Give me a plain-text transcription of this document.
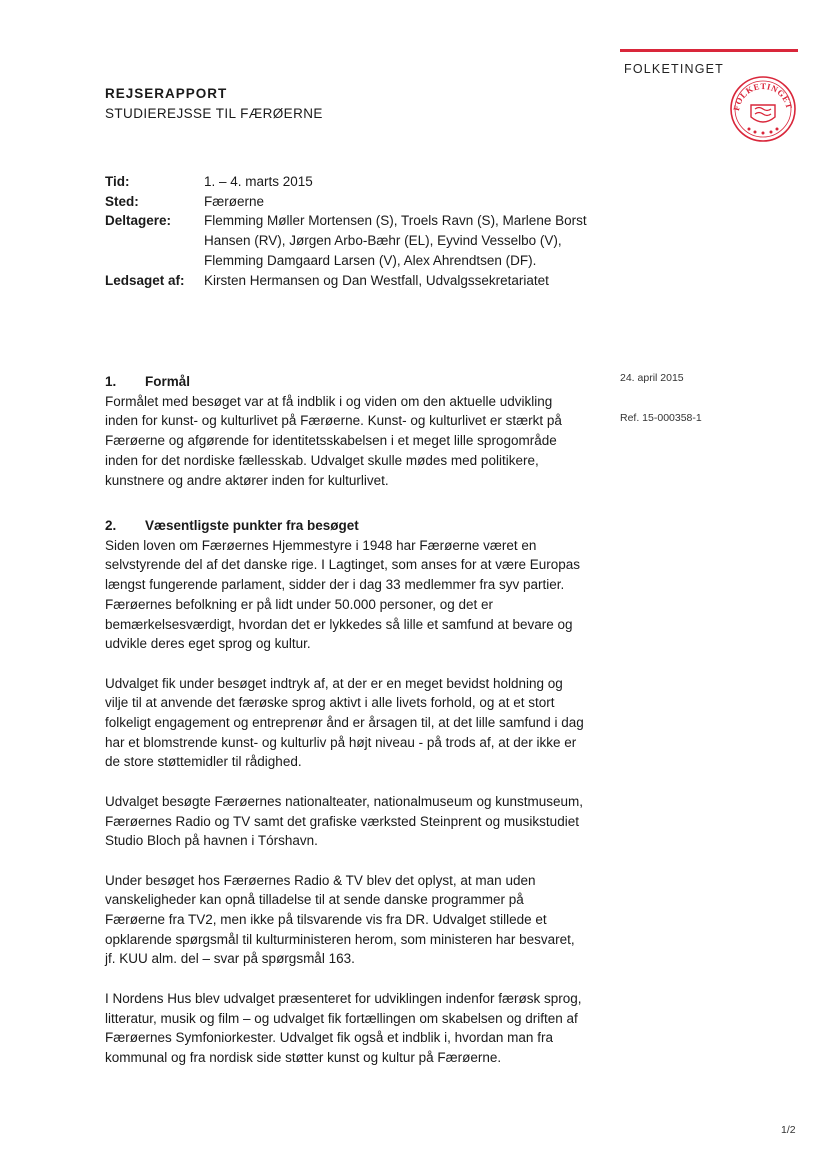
FOLKETINGET
FOLKETINGET
REJSERAPPORT
STUDIEREJSSE TIL FÆRØERNE
Tid:	1. – 4. marts 2015
Sted:	Færøerne
Deltagere:	Flemming Møller Mortensen (S), Troels Ravn (S), Marlene Borst Hansen (RV), Jørgen Arbo-Bæhr (EL), Eyvind Vesselbo (V), Flemming Damgaard Larsen (V), Alex Ahrendtsen (DF).
Ledsaget af:	Kirsten Hermansen og Dan Westfall, Udvalgssekretariatet
24. april 2015
Ref. 15-000358-1
1.	Formål

Formålet med besøget var at få indblik i og viden om den aktuelle udvikling inden for kunst- og kulturlivet på Færøerne. Kunst- og kulturlivet er stærkt på Færøerne og afgørende for identitetsskabelsen i et meget lille sprogområde inden for det nordiske fællesskab. Udvalget skulle mødes med politikere, kunstnere og andre aktører inden for kulturlivet.

2.	Væsentligste punkter fra besøget

Siden loven om Færøernes Hjemmestyre i 1948 har Færøerne været en selvstyrende del af det danske rige. I Lagtinget, som anses for at være Europas længst fungerende parlament, sidder der i dag 33 medlemmer fra syv partier. Færøernes befolkning er på lidt under 50.000 personer, og det er bemærkelsesværdigt, hvordan det er lykkedes så lille et samfund at bevare og udvikle deres eget sprog og kultur.

Udvalget fik under besøget indtryk af, at der er en meget bevidst holdning og vilje til at anvende det færøske sprog aktivt i alle livets forhold, og at et stort folkeligt engagement og entreprenør ånd er årsagen til, at det lille samfund i dag har et blomstrende kunst- og kulturliv på højt niveau - på trods af, at der ikke er de store støttemidler til rådighed.

Udvalget besøgte Færøernes nationalteater, nationalmuseum og kunstmuseum, Færøernes Radio og TV samt det grafiske værksted Steinprent og musikstudiet Studio Bloch på havnen i Tórshavn.

Under besøget hos Færøernes Radio & TV blev det oplyst, at man uden vanskeligheder kan opnå tilladelse til at sende danske programmer på Færøerne fra TV2, men ikke på tilsvarende vis fra DR. Udvalget stillede et opklarende spørgsmål til kulturministeren herom, som ministeren har besvaret, jf. KUU alm. del – svar på spørgsmål 163.

I Nordens Hus blev udvalget præsenteret for udviklingen indenfor færøsk sprog, litteratur, musik og film – og udvalget fik fortællingen om skabelsen og driften af Færøernes Symfoniorkester. Udvalget fik også et indblik i, hvordan man fra kommunal og fra nordisk side støtter kunst og kultur på Færøerne.

1/2
